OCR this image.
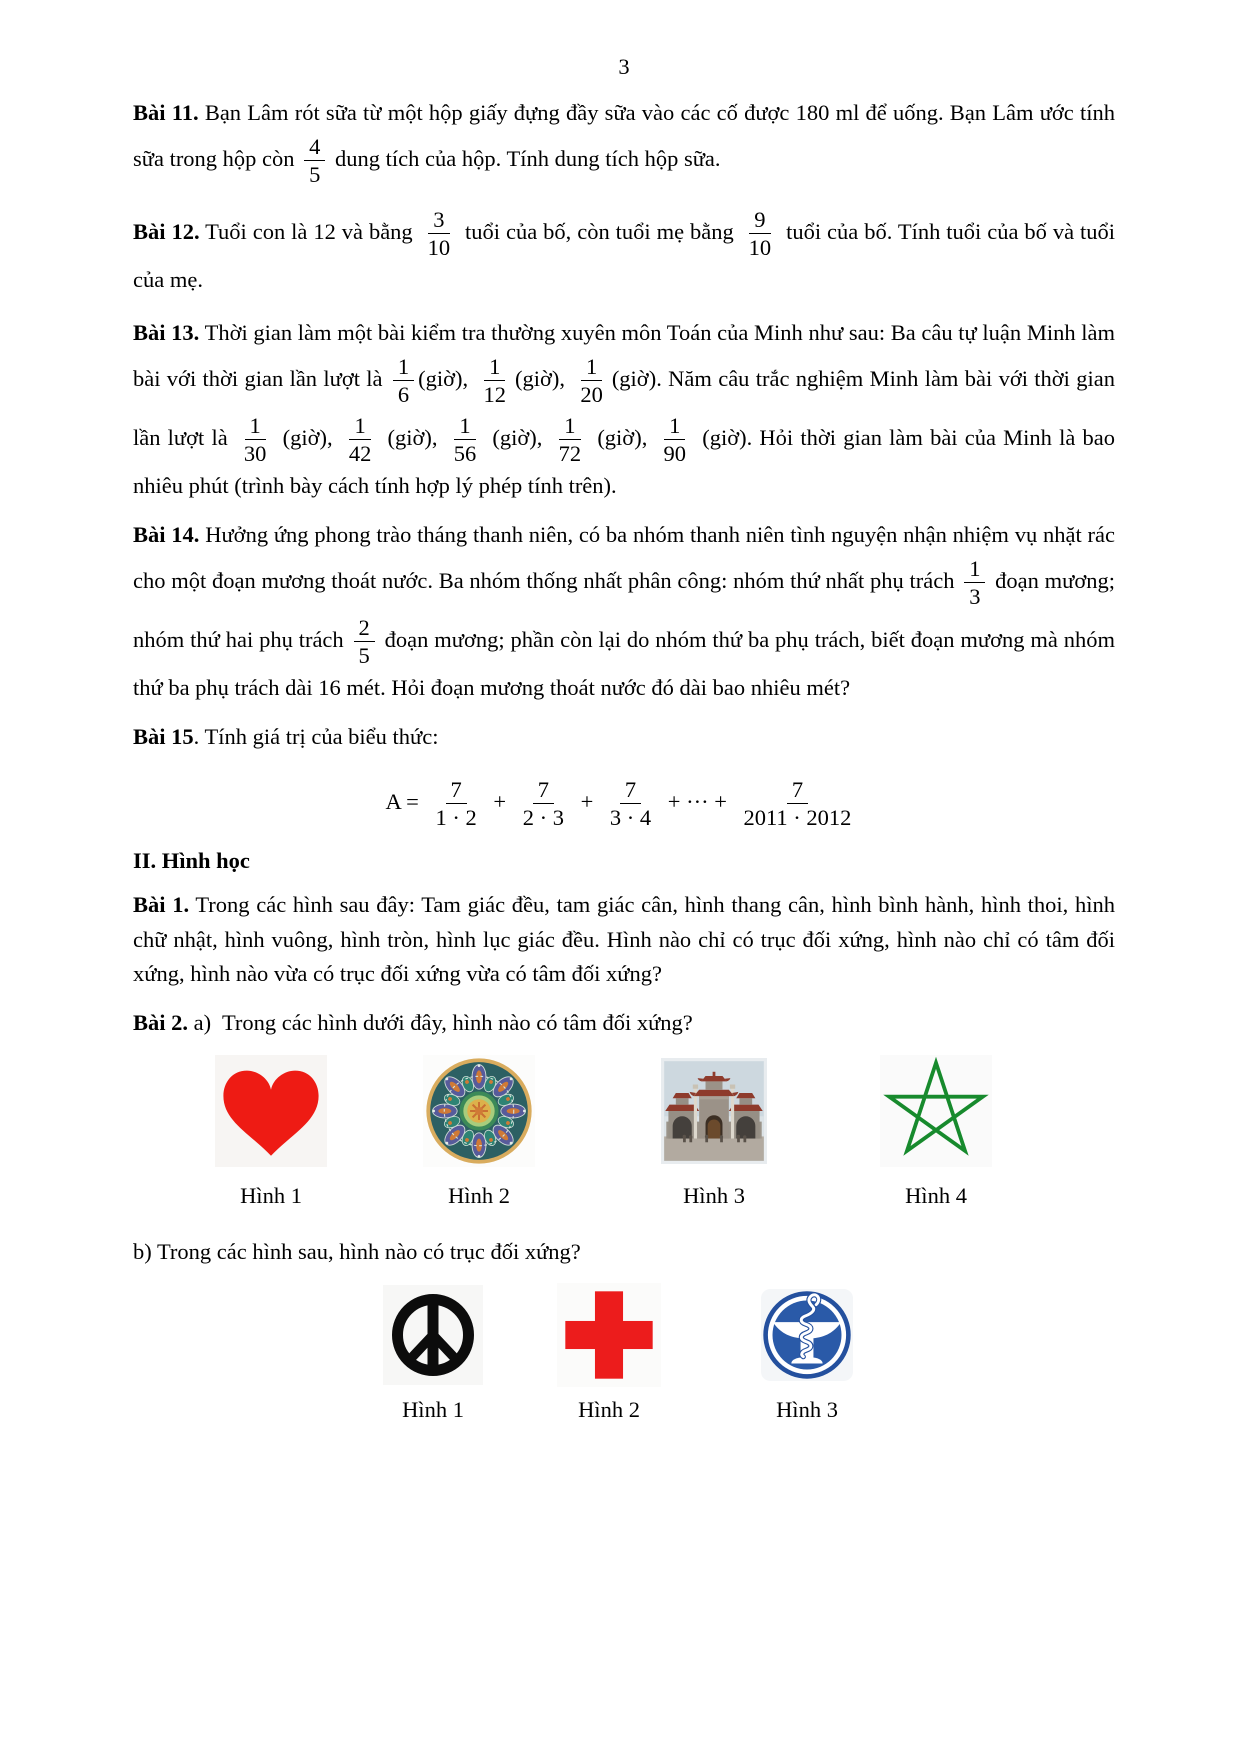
3

Bài 11. Bạn Lâm rót sữa từ một hộp giấy đựng đầy sữa vào các cố được 180 ml để uống. Bạn Lâm ước tính sữa trong hộp còn $\frac{4}{5}$ dung tích của hộp. Tính dung tích hộp sữa.

Bài 12. Tuổi con là 12 và bằng $\frac{3}{10}$ tuổi của bố, còn tuổi mẹ bằng $\frac{9}{10}$ tuổi của bố. Tính tuổi của bố và tuổi của mẹ.

Bài 13. Thời gian làm một bài kiểm tra thường xuyên môn Toán của Minh như sau: Ba câu tự luận Minh làm bài với thời gian lần lượt là $\frac{1}{6}$ (giờ), $\frac{1}{12}$ (giờ), $\frac{1}{20}$ (giờ). Năm câu trắc nghiệm Minh làm bài với thời gian lần lượt là $\frac{1}{30}$ (giờ), $\frac{1}{42}$ (giờ), $\frac{1}{56}$ (giờ), $\frac{1}{72}$ (giờ), $\frac{1}{90}$ (giờ). Hỏi thời gian làm bài của Minh là bao nhiêu phút (trình bày cách tính hợp lý phép tính trên).

Bài 14. Hưởng ứng phong trào tháng thanh niên, có ba nhóm thanh niên tình nguyện nhận nhiệm vụ nhặt rác cho một đoạn mương thoát nước. Ba nhóm thống nhất phân công: nhóm thứ nhất phụ trách $\frac{1}{3}$ đoạn mương; nhóm thứ hai phụ trách $\frac{2}{5}$ đoạn mương; phần còn lại do nhóm thứ ba phụ trách, biết đoạn mương mà nhóm thứ ba phụ trách dài 16 mét. Hỏi đoạn mương thoát nước đó dài bao nhiêu mét?

Bài 15. Tính giá trị của biểu thức:

$A = \frac{7}{1 \cdot 2} + \frac{7}{2 \cdot 3} + \frac{7}{3 \cdot 4}$ + ··· + $\frac{7}{2011 \cdot 2012}$
II. Hình học

Bài 1. Trong các hình sau đây: Tam giác đều, tam giác cân, hình thang cân, hình bình hành, hình thoi, hình chữ nhật, hình vuông, hình tròn, hình lục giác đều. Hình nào chỉ có trục đối xứng, hình nào chỉ có tâm đối xứng, hình nào vừa có trục đối xứng vừa có tâm đối xứng?

Bài 2. a)  Trong các hình dưới đây, hình nào có tâm đối xứng?

Hình 1	Hình 2	Hình 3	Hình 4

b) Trong các hình sau, hình nào có trục đối xứng?

Hình 1	Hình 2	Hình 3
